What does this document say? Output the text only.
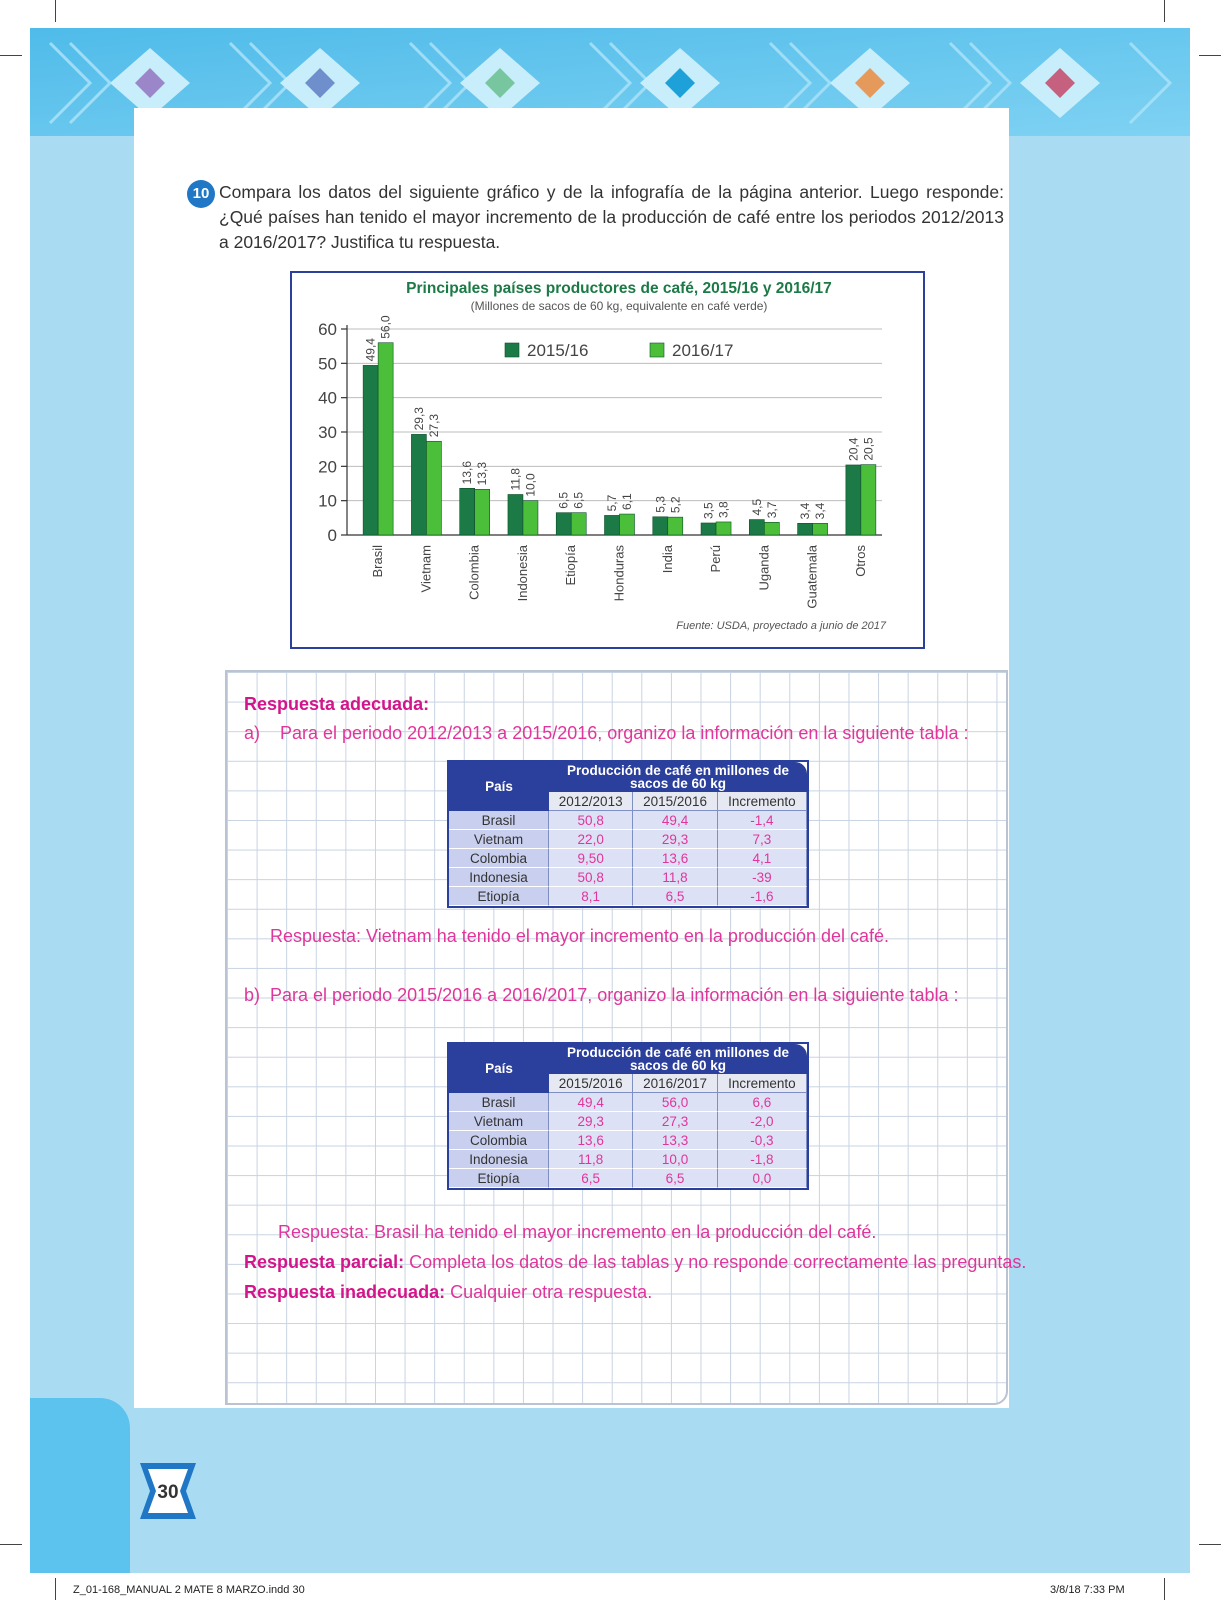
10 Compara los datos del siguiente gráfico y de la infografía de la página anterior. Luego responde: ¿Qué países han tenido el mayor incremento de la producción de café entre los periodos 2012/2013 a 2016/2017? Justifica tu respuesta.
Principales países productores de café, 2015/16 y 2016/17
(Millones de sacos de 60 kg, equivalente en café verde)
0
10
20
30
40
50
60
49,4
56,0
Brasil
29,3 27,3
Vietnam
13,6 13,3
Colombia
11,8 10,0
Indonesia
6,5 6,5
Etiopía
5,7 6,1
Honduras
5,3 5,2
India
3,5 3,8
Perú
4,5 3,7
Uganda
3,4 3,4
Guatemala
20,4 20,5
Otros
2015/16	2016/17
Fuente: USDA, proyectado a junio de 2017
Respuesta adecuada:
a)    Para el periodo 2012/2013 a 2015/2016, organizo la información en la siguiente tabla :
País	Producción de café en millones de sacos de 60 kg		
	2012/2013	2015/2016	Incremento
Brasil	50,8	49,4	-1,4
Vietnam	22,0	29,3	7,3
Colombia	9,50	13,6	4,1
Indonesia	50,8	11,8	-39
Etiopía	8,1	6,5	-1,6
Respuesta: Vietnam ha tenido el mayor incremento en la producción del café.
b)  Para el periodo 2015/2016 a 2016/2017, organizo la información en la siguiente tabla :
País	Producción de café en millones de sacos de 60 kg		
	2015/2016	2016/2017	Incremento
Brasil	49,4	56,0	6,6
Vietnam	29,3	27,3	-2,0
Colombia	13,6	13,3	-0,3
Indonesia	11,8	10,0	-1,8
Etiopía	6,5	6,5	0,0
Respuesta: Brasil ha tenido el mayor incremento en la producción del café.
Respuesta parcial: Completa los datos de las tablas y no responde correctamente las preguntas.
Respuesta inadecuada: Cualquier otra respuesta.
30
Z_01-168_MANUAL 2 MATE 8 MARZO.indd 30	3/8/18 7:33 PM
